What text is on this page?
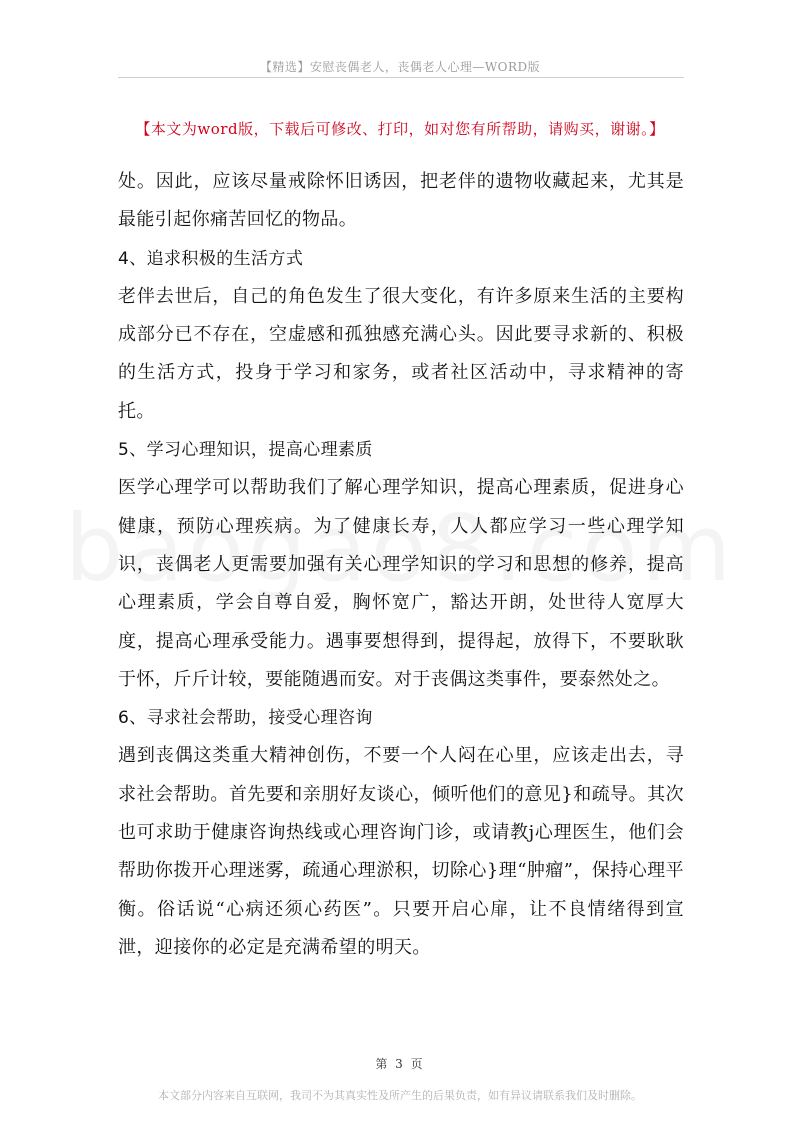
【精选】安慰丧偶老人，丧偶老人心理—WORD版
【本文为word版，下载后可修改、打印，如对您有所帮助，请购买，谢谢。】

处。因此，应该尽量戒除怀旧诱因，把老伴的遗物收藏起来，尤其是最能引起你痛苦回忆的物品。

4、追求积极的生活方式

老伴去世后，自己的角色发生了很大变化，有许多原来生活的主要构成部分已不存在，空虚感和孤独感充满心头。因此要寻求新的、积极的生活方式，投身于学习和家务，或者社区活动中，寻求精神的寄托。

5、学习心理知识，提高心理素质

医学心理学可以帮助我们了解心理学知识，提高心理素质，促进身心健康，预防心理疾病。为了健康长寿，人人都应学习一些心理学知识，丧偶老人更需要加强有关心理学知识的学习和思想的修养，提高心理素质，学会自尊自爱，胸怀宽广，豁达开朗，处世待人宽厚大度，提高心理承受能力。遇事要想得到，提得起，放得下，不要耿耿于怀，斤斤计较，要能随遇而安。对于丧偶这类事件，要泰然处之。

6、寻求社会帮助，接受心理咨询

遇到丧偶这类重大精神创伤，不要一个人闷在心里，应该走出去，寻求社会帮助。首先要和亲朋好友谈心，倾听他们的意见}和疏导。其次也可求助于健康咨询热线或心理咨询门诊，或请教j心理医生，他们会帮助你拨开心理迷雾，疏通心理淤积，切除心}理“肿瘤”，保持心理平衡。俗话说“心病还须心药医”。只要开启心扉，让不良情绪得到宣泄，迎接你的必定是充满希望的明天。

第 3 页
本文部分内容来自互联网，我司不为其真实性及所产生的后果负责，如有异议请联系我们及时删除。
